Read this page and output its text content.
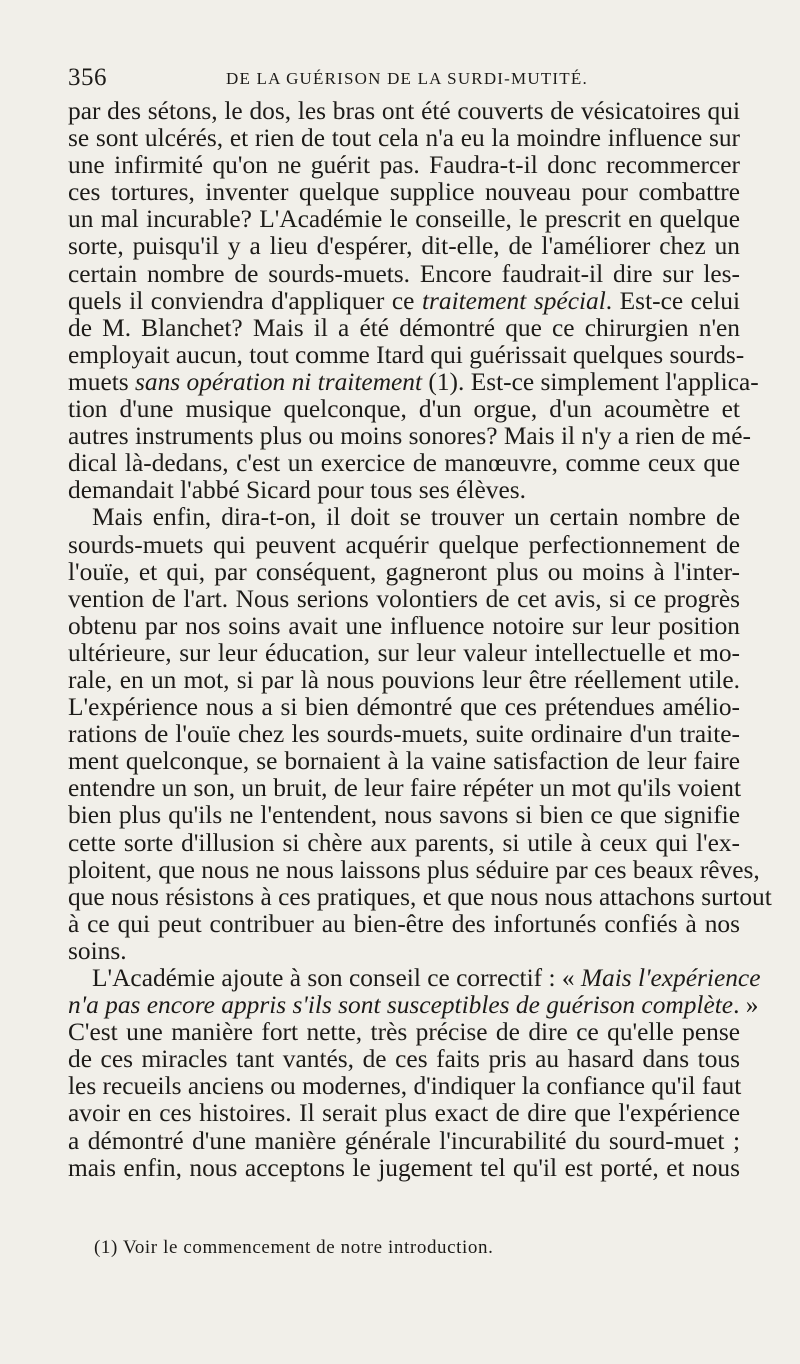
356	DE LA GUÉRISON DE LA SURDI-MUTITÉ.
par des sétons, le dos, les bras ont été couverts de vésicatoires qui
se sont ulcérés, et rien de tout cela n'a eu la moindre influence sur
une infirmité qu'on ne guérit pas. Faudra-t-il donc recommercer
ces tortures, inventer quelque supplice nouveau pour combattre
un mal incurable? L'Académie le conseille, le prescrit en quelque
sorte, puisqu'il y a lieu d'espérer, dit-elle, de l'améliorer chez un
certain nombre de sourds-muets. Encore faudrait-il dire sur les-
quels il conviendra d'appliquer ce traitement spécial. Est-ce celui
de M. Blanchet? Mais il a été démontré que ce chirurgien n'en
employait aucun, tout comme Itard qui guérissait quelques sourds-
muets sans opération ni traitement (1). Est-ce simplement l'applica-
tion d'une musique quelconque, d'un orgue, d'un acoumètre et
autres instruments plus ou moins sonores? Mais il n'y a rien de mé-
dical là-dedans, c'est un exercice de manœuvre, comme ceux que
demandait l'abbé Sicard pour tous ses élèves.
Mais enfin, dira-t-on, il doit se trouver un certain nombre de
sourds-muets qui peuvent acquérir quelque perfectionnement de
l'ouïe, et qui, par conséquent, gagneront plus ou moins à l'inter-
vention de l'art. Nous serions volontiers de cet avis, si ce progrès
obtenu par nos soins avait une influence notoire sur leur position
ultérieure, sur leur éducation, sur leur valeur intellectuelle et mo-
rale, en un mot, si par là nous pouvions leur être réellement utile.
L'expérience nous a si bien démontré que ces prétendues amélio-
rations de l'ouïe chez les sourds-muets, suite ordinaire d'un traite-
ment quelconque, se bornaient à la vaine satisfaction de leur faire
entendre un son, un bruit, de leur faire répéter un mot qu'ils voient
bien plus qu'ils ne l'entendent, nous savons si bien ce que signifie
cette sorte d'illusion si chère aux parents, si utile à ceux qui l'ex-
ploitent, que nous ne nous laissons plus séduire par ces beaux rêves,
que nous résistons à ces pratiques, et que nous nous attachons surtout
à ce qui peut contribuer au bien-être des infortunés confiés à nos
soins.
L'Académie ajoute à son conseil ce correctif : « Mais l'expérience
n'a pas encore appris s'ils sont susceptibles de guérison complète. »
C'est une manière fort nette, très précise de dire ce qu'elle pense
de ces miracles tant vantés, de ces faits pris au hasard dans tous
les recueils anciens ou modernes, d'indiquer la confiance qu'il faut
avoir en ces histoires. Il serait plus exact de dire que l'expérience
a démontré d'une manière générale l'incurabilité du sourd-muet ;
mais enfin, nous acceptons le jugement tel qu'il est porté, et nous
(1) Voir le commencement de notre introduction.
